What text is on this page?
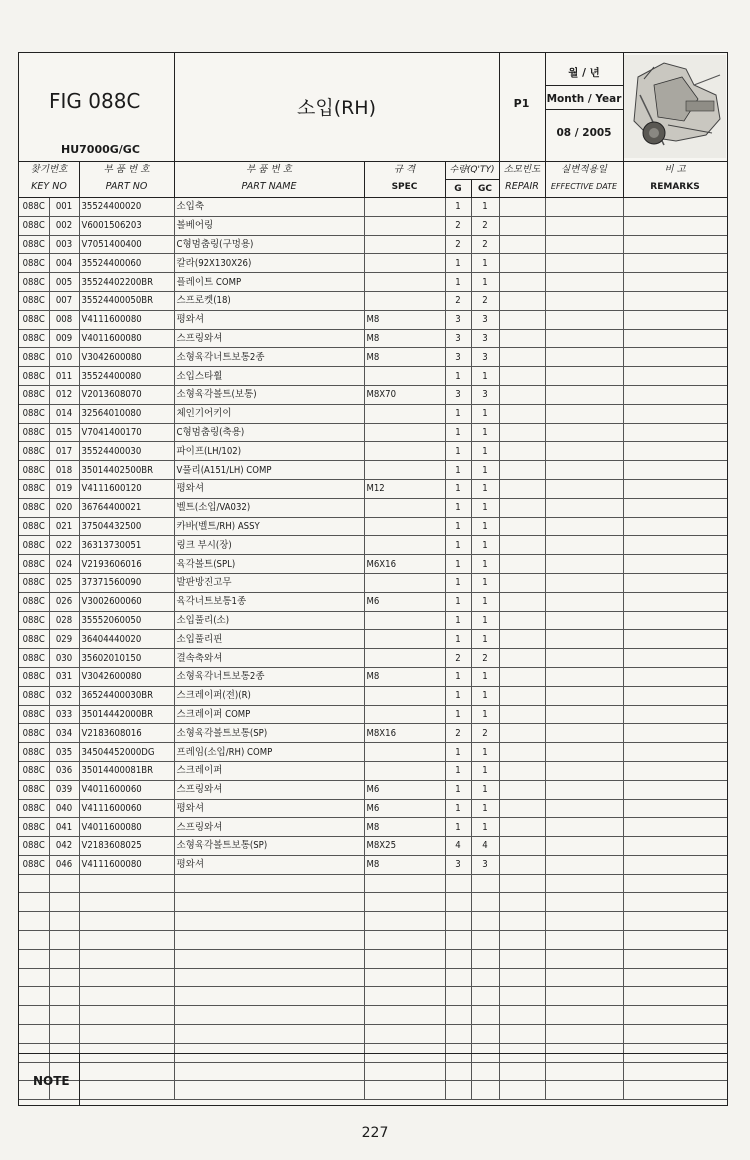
FIG 088C
HU7000G/GC
소입(RH)	P1
월 / 년
Month / Year
08 / 2005
찾기번호
KEY NO
부 품 번 호
PART NO
부 품 번 호
PART NAME
규 격
SPEC
수량(Q'TY)
G	GC
소모빈도
REPAIR
실변적용일
EFFECTIVE DATE
비 고
REMARKS
088C	001	35524400020	소입축		1	1			
088C	002	V6001506203	볼베어링		2	2			
088C	003	V7051400400	C형멈춤링(구멍용)		2	2			
088C	004	35524400060	칼라(92X130X26)		1	1			
088C	005	35524402200BR	플레이트 COMP		1	1			
088C	007	35524400050BR	스프로켓(18)		2	2			
088C	008	V4111600080	평와셔	M8	3	3			
088C	009	V4011600080	스프링와셔	M8	3	3			
088C	010	V3042600080	소형육각너트보통2종	M8	3	3			
088C	011	35524400080	소입스타휠		1	1			
088C	012	V2013608070	소형육각볼트(보통)	M8X70	3	3			
088C	014	32564010080	체인기어키이		1	1			
088C	015	V7041400170	C형멈춤링(축용)		1	1			
088C	017	35524400030	파이프(LH/102)		1	1			
088C	018	35014402500BR	V풀리(A151/LH) COMP		1	1			
088C	019	V4111600120	평와셔	M12	1	1			
088C	020	36764400021	벨트(소입/VA032)		1	1			
088C	021	37504432500	카바(벨트/RH) ASSY		1	1			
088C	022	36313730051	링크 부시(장)		1	1			
088C	024	V2193606016	육각볼트(SPL)	M6X16	1	1			
088C	025	37371560090	발판방진고무		1	1			
088C	026	V3002600060	육각너트보통1종	M6	1	1			
088C	028	35552060050	소입풀리(소)		1	1			
088C	029	36404440020	소입풀리핀		1	1			
088C	030	35602010150	결속축와셔		2	2			
088C	031	V3042600080	소형육각너트보통2종	M8	1	1			
088C	032	36524400030BR	스크레이퍼(전)(R)		1	1			
088C	033	35014442000BR	스크레이퍼 COMP		1	1			
088C	034	V2183608016	소형육각볼트보통(SP)	M8X16	2	2			
088C	035	34504452000DG	프레임(소입/RH) COMP		1	1			
088C	036	35014400081BR	스크레이퍼		1	1			
088C	039	V4011600060	스프링와셔	M6	1	1			
088C	040	V4111600060	평와셔	M6	1	1			
088C	041	V4011600080	스프링와셔	M8	1	1			
088C	042	V2183608025	소형육각볼트보통(SP)	M8X25	4	4			
088C	046	V4111600080	평와셔	M8	3	3			

NOTE
227
